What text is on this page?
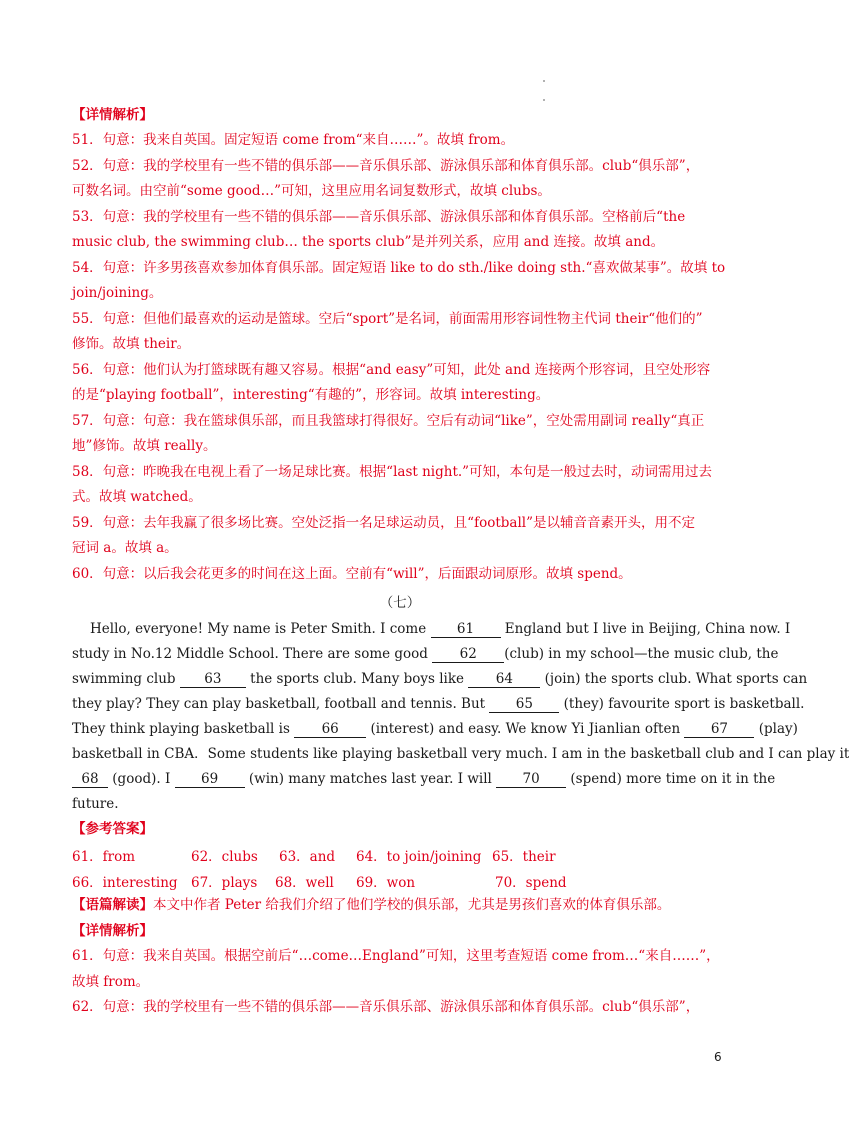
【详情解析】
51．句意：我来自英国。固定短语 come from“来自……”。故填 from。
52．句意：我的学校里有一些不错的俱乐部——音乐俱乐部、游泳俱乐部和体育俱乐部。club“俱乐部”，
可数名词。由空前“some good…”可知，这里应用名词复数形式，故填 clubs。
53．句意：我的学校里有一些不错的俱乐部——音乐俱乐部、游泳俱乐部和体育俱乐部。空格前后“the
music club, the swimming club… the sports club”是并列关系，应用 and 连接。故填 and。
54．句意：许多男孩喜欢参加体育俱乐部。固定短语 like to do sth./like doing sth.“喜欢做某事”。故填 to
join/joining。
55．句意：但他们最喜欢的运动是篮球。空后“sport”是名词，前面需用形容词性物主代词 their“他们的”
修饰。故填 their。
56．句意：他们认为打篮球既有趣又容易。根据“and easy”可知，此处 and 连接两个形容词，且空处形容
的是“playing football”，interesting“有趣的”，形容词。故填 interesting。
57．句意：句意：我在篮球俱乐部，而且我篮球打得很好。空后有动词“like”，空处需用副词 really“真正
地”修饰。故填 really。
58．句意：昨晚我在电视上看了一场足球比赛。根据“last night.”可知，本句是一般过去时，动词需用过去
式。故填 watched。
59．句意：去年我赢了很多场比赛。空处泛指一名足球运动员，且“football”是以辅音音素开头，用不定
冠词 a。故填 a。
60．句意：以后我会花更多的时间在这上面。空前有“will”，后面跟动词原形。故填 spend。
（七）
Hello, everyone! My name is Peter Smith. I come 61 England but I live in Beijing, China now. I
study in No.12 Middle School. There are some good 62 (club) in my school—the music club, the
swimming club 63 the sports club. Many boys like 64 (join) the sports club. What sports can
they play? They can play basketball, football and tennis. But 65 (they) favourite sport is basketball.
They think playing basketball is 66 (interest) and easy. We know Yi Jianlian often 67 (play)
basketball in CBA．Some students like playing basketball very much. I am in the basketball club and I can play it
68 (good). I 69 (win) many matches last year. I will 70 (spend) more time on it in the
future.
【参考答案】
61．from	62．clubs 63．and 64．to join/joining 65．their
66．interesting 67．plays 68．well 69．won	70．spend
【语篇解读】本文中作者 Peter 给我们介绍了他们学校的俱乐部，尤其是男孩们喜欢的体育俱乐部。
【详情解析】
61．句意：我来自英国。根据空前后“…come…England”可知，这里考查短语 come from…“来自……”，
故填 from。
62．句意：我的学校里有一些不错的俱乐部——音乐俱乐部、游泳俱乐部和体育俱乐部。club“俱乐部”，
6
